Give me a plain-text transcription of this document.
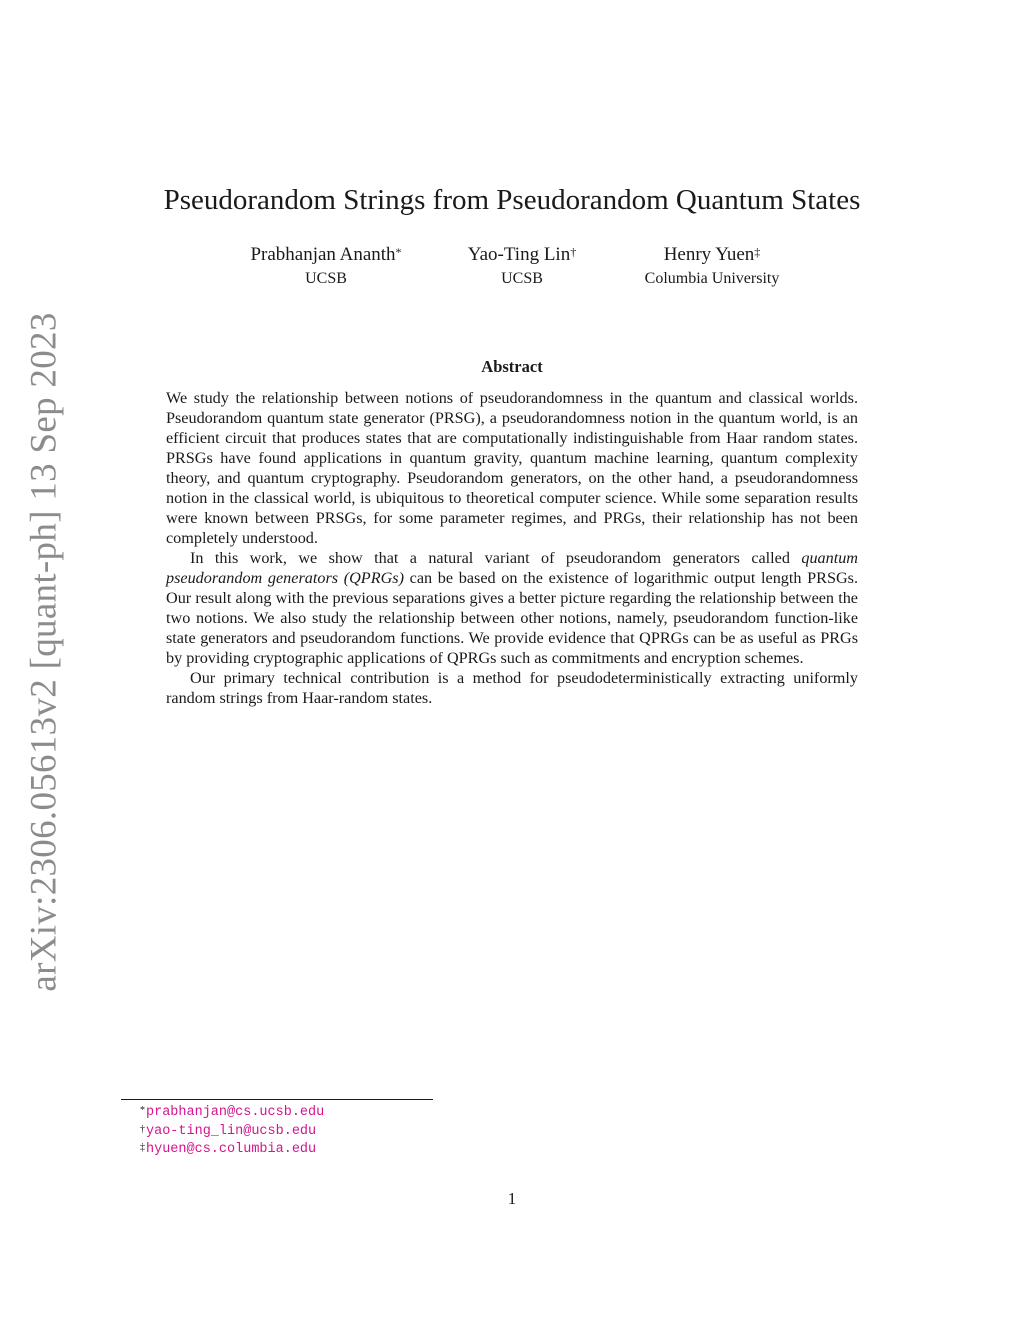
arXiv:2306.05613v2 [quant-ph] 13 Sep 2023
Pseudorandom Strings from Pseudorandom Quantum States
Prabhanjan Ananth*
UCSB
Yao-Ting Lin†
UCSB
Henry Yuen‡
Columbia University
Abstract

We study the relationship between notions of pseudorandomness in the quantum and classical worlds. Pseudorandom quantum state generator (PRSG), a pseudorandomness notion in the quantum world, is an efficient circuit that produces states that are computationally indistinguishable from Haar random states. PRSGs have found applications in quantum gravity, quantum machine learning, quantum complexity theory, and quantum cryptography. Pseudorandom generators, on the other hand, a pseudorandomness notion in the classical world, is ubiquitous to theoretical computer science. While some separation results were known between PRSGs, for some parameter regimes, and PRGs, their relationship has not been completely understood.

In this work, we show that a natural variant of pseudorandom generators called quantum pseudorandom generators (QPRGs) can be based on the existence of logarithmic output length PRSGs. Our result along with the previous separations gives a better picture regarding the relationship between the two notions. We also study the relationship between other notions, namely, pseudorandom function-like state generators and pseudorandom functions. We provide evidence that QPRGs can be as useful as PRGs by providing cryptographic applications of QPRGs such as commitments and encryption schemes.

Our primary technical contribution is a method for pseudodeterministically extracting uniformly random strings from Haar-random states.

*prabhanjan@cs.ucsb.edu
†yao-ting_lin@ucsb.edu
‡hyuen@cs.columbia.edu
1
